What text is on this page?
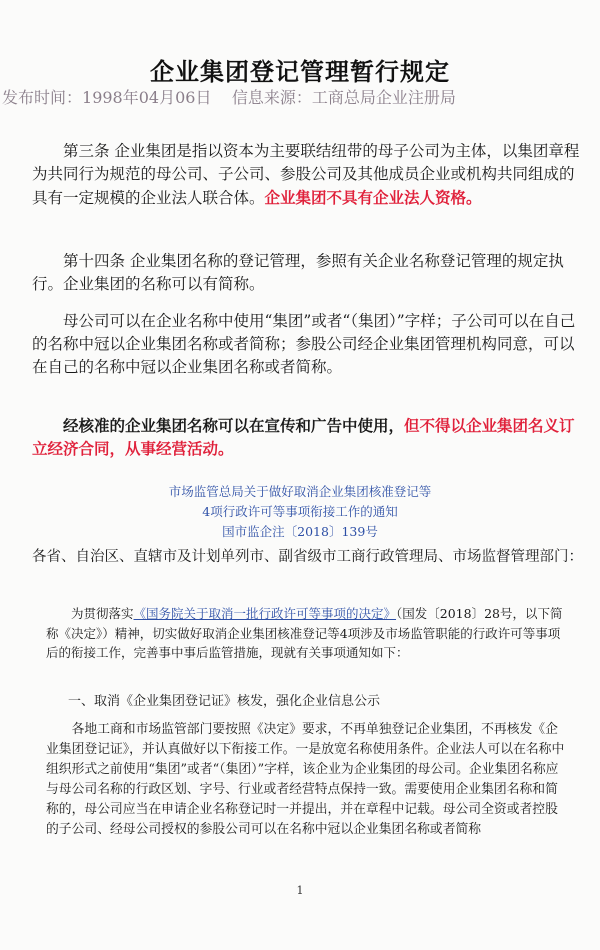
企业集团登记管理暂行规定
发布时间：1998年04月06日 信息来源：工商总局企业注册局
第三条 企业集团是指以资本为主要联结纽带的母子公司为主体，以集团章程为共同行为规范的母公司、子公司、参股公司及其他成员企业或机构共同组成的具有一定规模的企业法人联合体。企业集团不具有企业法人资格。
第十四条 企业集团名称的登记管理，参照有关企业名称登记管理的规定执行。企业集团的名称可以有简称。
母公司可以在企业名称中使用“集团”或者“（集团）”字样；子公司可以在自己的名称中冠以企业集团名称或者简称；参股公司经企业集团管理机构同意，可以在自己的名称中冠以企业集团名称或者简称。
经核准的企业集团名称可以在宣传和广告中使用，但不得以企业集团名义订立经济合同，从事经营活动。
市场监管总局关于做好取消企业集团核准登记等
4项行政许可等事项衔接工作的通知
国市监企注〔2018〕139号
各省、自治区、直辖市及计划单列市、副省级市工商行政管理局、市场监督管理部门：
为贯彻落实《国务院关于取消一批行政许可等事项的决定》（国发〔2018〕28号，以下简称《决定》）精神，切实做好取消企业集团核准登记等4项涉及市场监管职能的行政许可等事项后的衔接工作，完善事中事后监管措施，现就有关事项通知如下：
一、取消《企业集团登记证》核发，强化企业信息公示
各地工商和市场监管部门要按照《决定》要求，不再单独登记企业集团，不再核发《企业集团登记证》，并认真做好以下衔接工作。一是放宽名称使用条件。企业法人可以在名称中组织形式之前使用“集团”或者“（集团）”字样，该企业为企业集团的母公司。企业集团名称应与母公司名称的行政区划、字号、行业或者经营特点保持一致。需要使用企业集团名称和简称的，母公司应当在申请企业名称登记时一并提出，并在章程中记载。母公司全资或者控股的子公司、经母公司授权的参股公司可以在名称中冠以企业集团名称或者简称
1
